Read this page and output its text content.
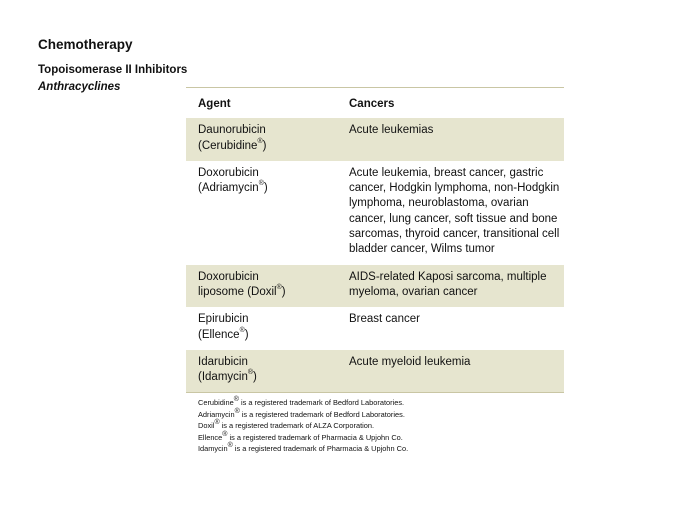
Chemotherapy
Topoisomerase II Inhibitors
Anthracyclines
Agent	Cancers
Daunorubicin
(Cerubidine®)	Acute leukemias
Doxorubicin
(Adriamycin®)	Acute leukemia, breast cancer, gastric cancer, Hodgkin lymphoma, non-Hodgkin lymphoma, neuroblastoma, ovarian cancer, lung cancer, soft tissue and bone sarcomas, thyroid cancer, transitional cell bladder cancer, Wilms tumor
Doxorubicin
liposome (Doxil®)	AIDS-related Kaposi sarcoma, multiple myeloma, ovarian cancer
Epirubicin
(Ellence®)	Breast cancer
Idarubicin
(Idamycin®)	Acute myeloid leukemia
Cerubidine® is a registered trademark of Bedford Laboratories.
Adriamycin® is a registered trademark of Bedford Laboratories.
Doxil® is a registered trademark of ALZA Corporation.
Ellence® is a registered trademark of Pharmacia & Upjohn Co.
Idamycin® is a registered trademark of Pharmacia & Upjohn Co.
